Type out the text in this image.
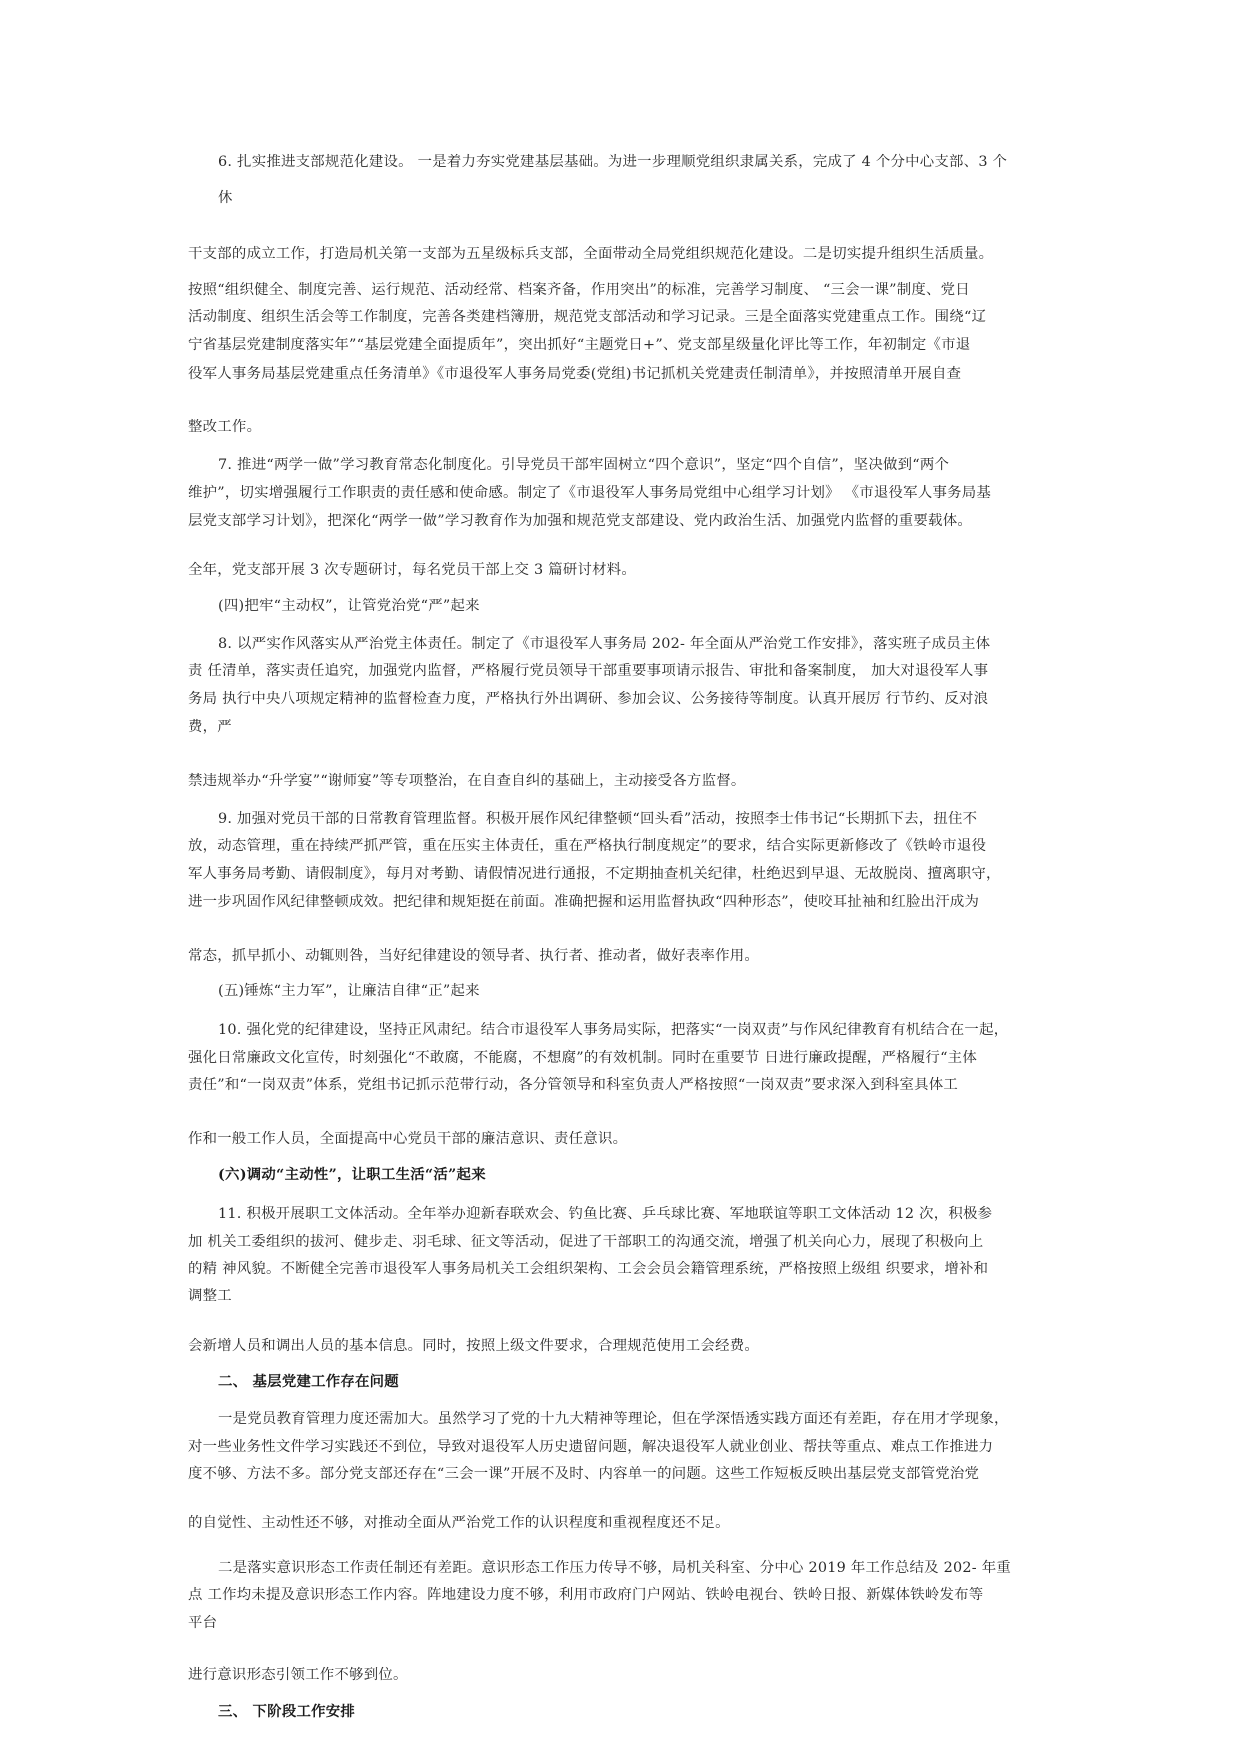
6. 扎实推进支部规范化建设。 一是着力夯实党建基层基础。为进一步理顺党组织隶属关系，完成了 4 个分中心支部、3 个
休
干支部的成立工作，打造局机关第一支部为五星级标兵支部，全面带动全局党组织规范化建设。二是切实提升组织生活质量。
按照“组织健全、制度完善、运行规范、活动经常、档案齐备，作用突出”的标准，完善学习制度、 “三会一课”制度、党日
活动制度、组织生活会等工作制度，完善各类建档簿册，规范党支部活动和学习记录。三是全面落实党建重点工作。围绕“辽
宁省基层党建制度落实年”“基层党建全面提质年”，突出抓好“主题党日+”、党支部星级量化评比等工作，年初制定《市退
役军人事务局基层党建重点任务清单》《市退役军人事务局党委(党组)书记抓机关党建责任制清单》，并按照清单开展自查
整改工作。
7. 推进“两学一做”学习教育常态化制度化。引导党员干部牢固树立“四个意识”，坚定“四个自信”，坚决做到“两个
维护”，切实增强履行工作职责的责任感和使命感。制定了《市退役军人事务局党组中心组学习计划》 《市退役军人事务局基
层党支部学习计划》，把深化“两学一做”学习教育作为加强和规范党支部建设、党内政治生活、加强党内监督的重要载体。
全年，党支部开展 3 次专题研讨，每名党员干部上交 3 篇研讨材料。
(四)把牢“主动权”，让管党治党“严”起来
8. 以严实作风落实从严治党主体责任。制定了《市退役军人事务局 202- 年全面从严治党工作安排》，落实班子成员主体
责 任清单，落实责任追究，加强党内监督，严格履行党员领导干部重要事项请示报告、审批和备案制度， 加大对退役军人事
务局 执行中央八项规定精神的监督检查力度，严格执行外出调研、参加会议、公务接待等制度。认真开展厉 行节约、反对浪
费，严
禁违规举办“升学宴”“谢师宴”等专项整治，在自查自纠的基础上，主动接受各方监督。
9. 加强对党员干部的日常教育管理监督。积极开展作风纪律整顿“回头看”活动，按照李士伟书记“长期抓下去，扭住不
放，动态管理，重在持续严抓严管，重在压实主体责任，重在严格执行制度规定”的要求，结合实际更新修改了《铁岭市退役
军人事务局考勤、请假制度》，每月对考勤、请假情况进行通报，不定期抽查机关纪律，杜绝迟到早退、无故脱岗、擅离职守，
进一步巩固作风纪律整顿成效。把纪律和规矩挺在前面。准确把握和运用监督执政“四种形态”，使咬耳扯袖和红脸出汗成为
常态，抓早抓小、动辄则咎，当好纪律建设的领导者、执行者、推动者，做好表率作用。
(五)锤炼“主力军”，让廉洁自律“正”起来
10. 强化党的纪律建设，坚持正风肃纪。结合市退役军人事务局实际，把落实“一岗双责”与作风纪律教育有机结合在一起，
强化日常廉政文化宣传，时刻强化“不敢腐，不能腐，不想腐”的有效机制。同时在重要节 日进行廉政提醒，严格履行“主体
责任”和“一岗双责”体系，党组书记抓示范带行动，各分管领导和科室负责人严格按照“一岗双责”要求深入到科室具体工
作和一般工作人员，全面提高中心党员干部的廉洁意识、责任意识。
(六)调动“主动性”，让职工生活“活”起来
11. 积极开展职工文体活动。全年举办迎新春联欢会、钓鱼比赛、乒乓球比赛、军地联谊等职工文体活动 12 次，积极参
加 机关工委组织的拔河、健步走、羽毛球、征文等活动，促进了干部职工的沟通交流，增强了机关向心力，展现了积极向上
的精 神风貌。不断健全完善市退役军人事务局机关工会组织架构、工会会员会籍管理系统，严格按照上级组 织要求，增补和
调整工
会新增人员和调出人员的基本信息。同时，按照上级文件要求，合理规范使用工会经费。
二、 基层党建工作存在问题
一是党员教育管理力度还需加大。虽然学习了党的十九大精神等理论，但在学深悟透实践方面还有差距，存在用才学现象，
对一些业务性文件学习实践还不到位，导致对退役军人历史遗留问题，解决退役军人就业创业、帮扶等重点、难点工作推进力
度不够、方法不多。部分党支部还存在“三会一课”开展不及时、内容单一的问题。这些工作短板反映出基层党支部管党治党
的自觉性、主动性还不够，对推动全面从严治党工作的认识程度和重视程度还不足。
二是落实意识形态工作责任制还有差距。意识形态工作压力传导不够，局机关科室、分中心 2019 年工作总结及 202- 年重
点 工作均未提及意识形态工作内容。阵地建设力度不够，利用市政府门户网站、铁岭电视台、铁岭日报、新媒体铁岭发布等
平台
进行意识形态引领工作不够到位。
三、 下阶段工作安排
